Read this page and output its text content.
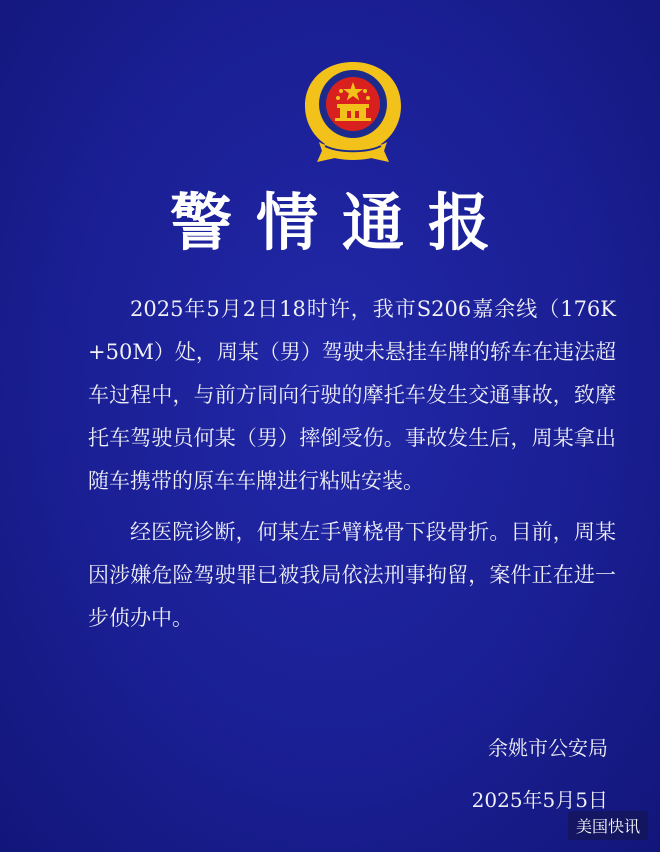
警情通报

2025年5月2日18时许，我市S206嘉余线（176K+50M）处，周某（男）驾驶未悬挂车牌的轿车在违法超车过程中，与前方同向行驶的摩托车发生交通事故，致摩托车驾驶员何某（男）摔倒受伤。事故发生后，周某拿出随车携带的原车车牌进行粘贴安装。

经医院诊断，何某左手臂桡骨下段骨折。目前，周某因涉嫌危险驾驶罪已被我局依法刑事拘留，案件正在进一步侦办中。

余姚市公安局
2025年5月5日
美国快讯
